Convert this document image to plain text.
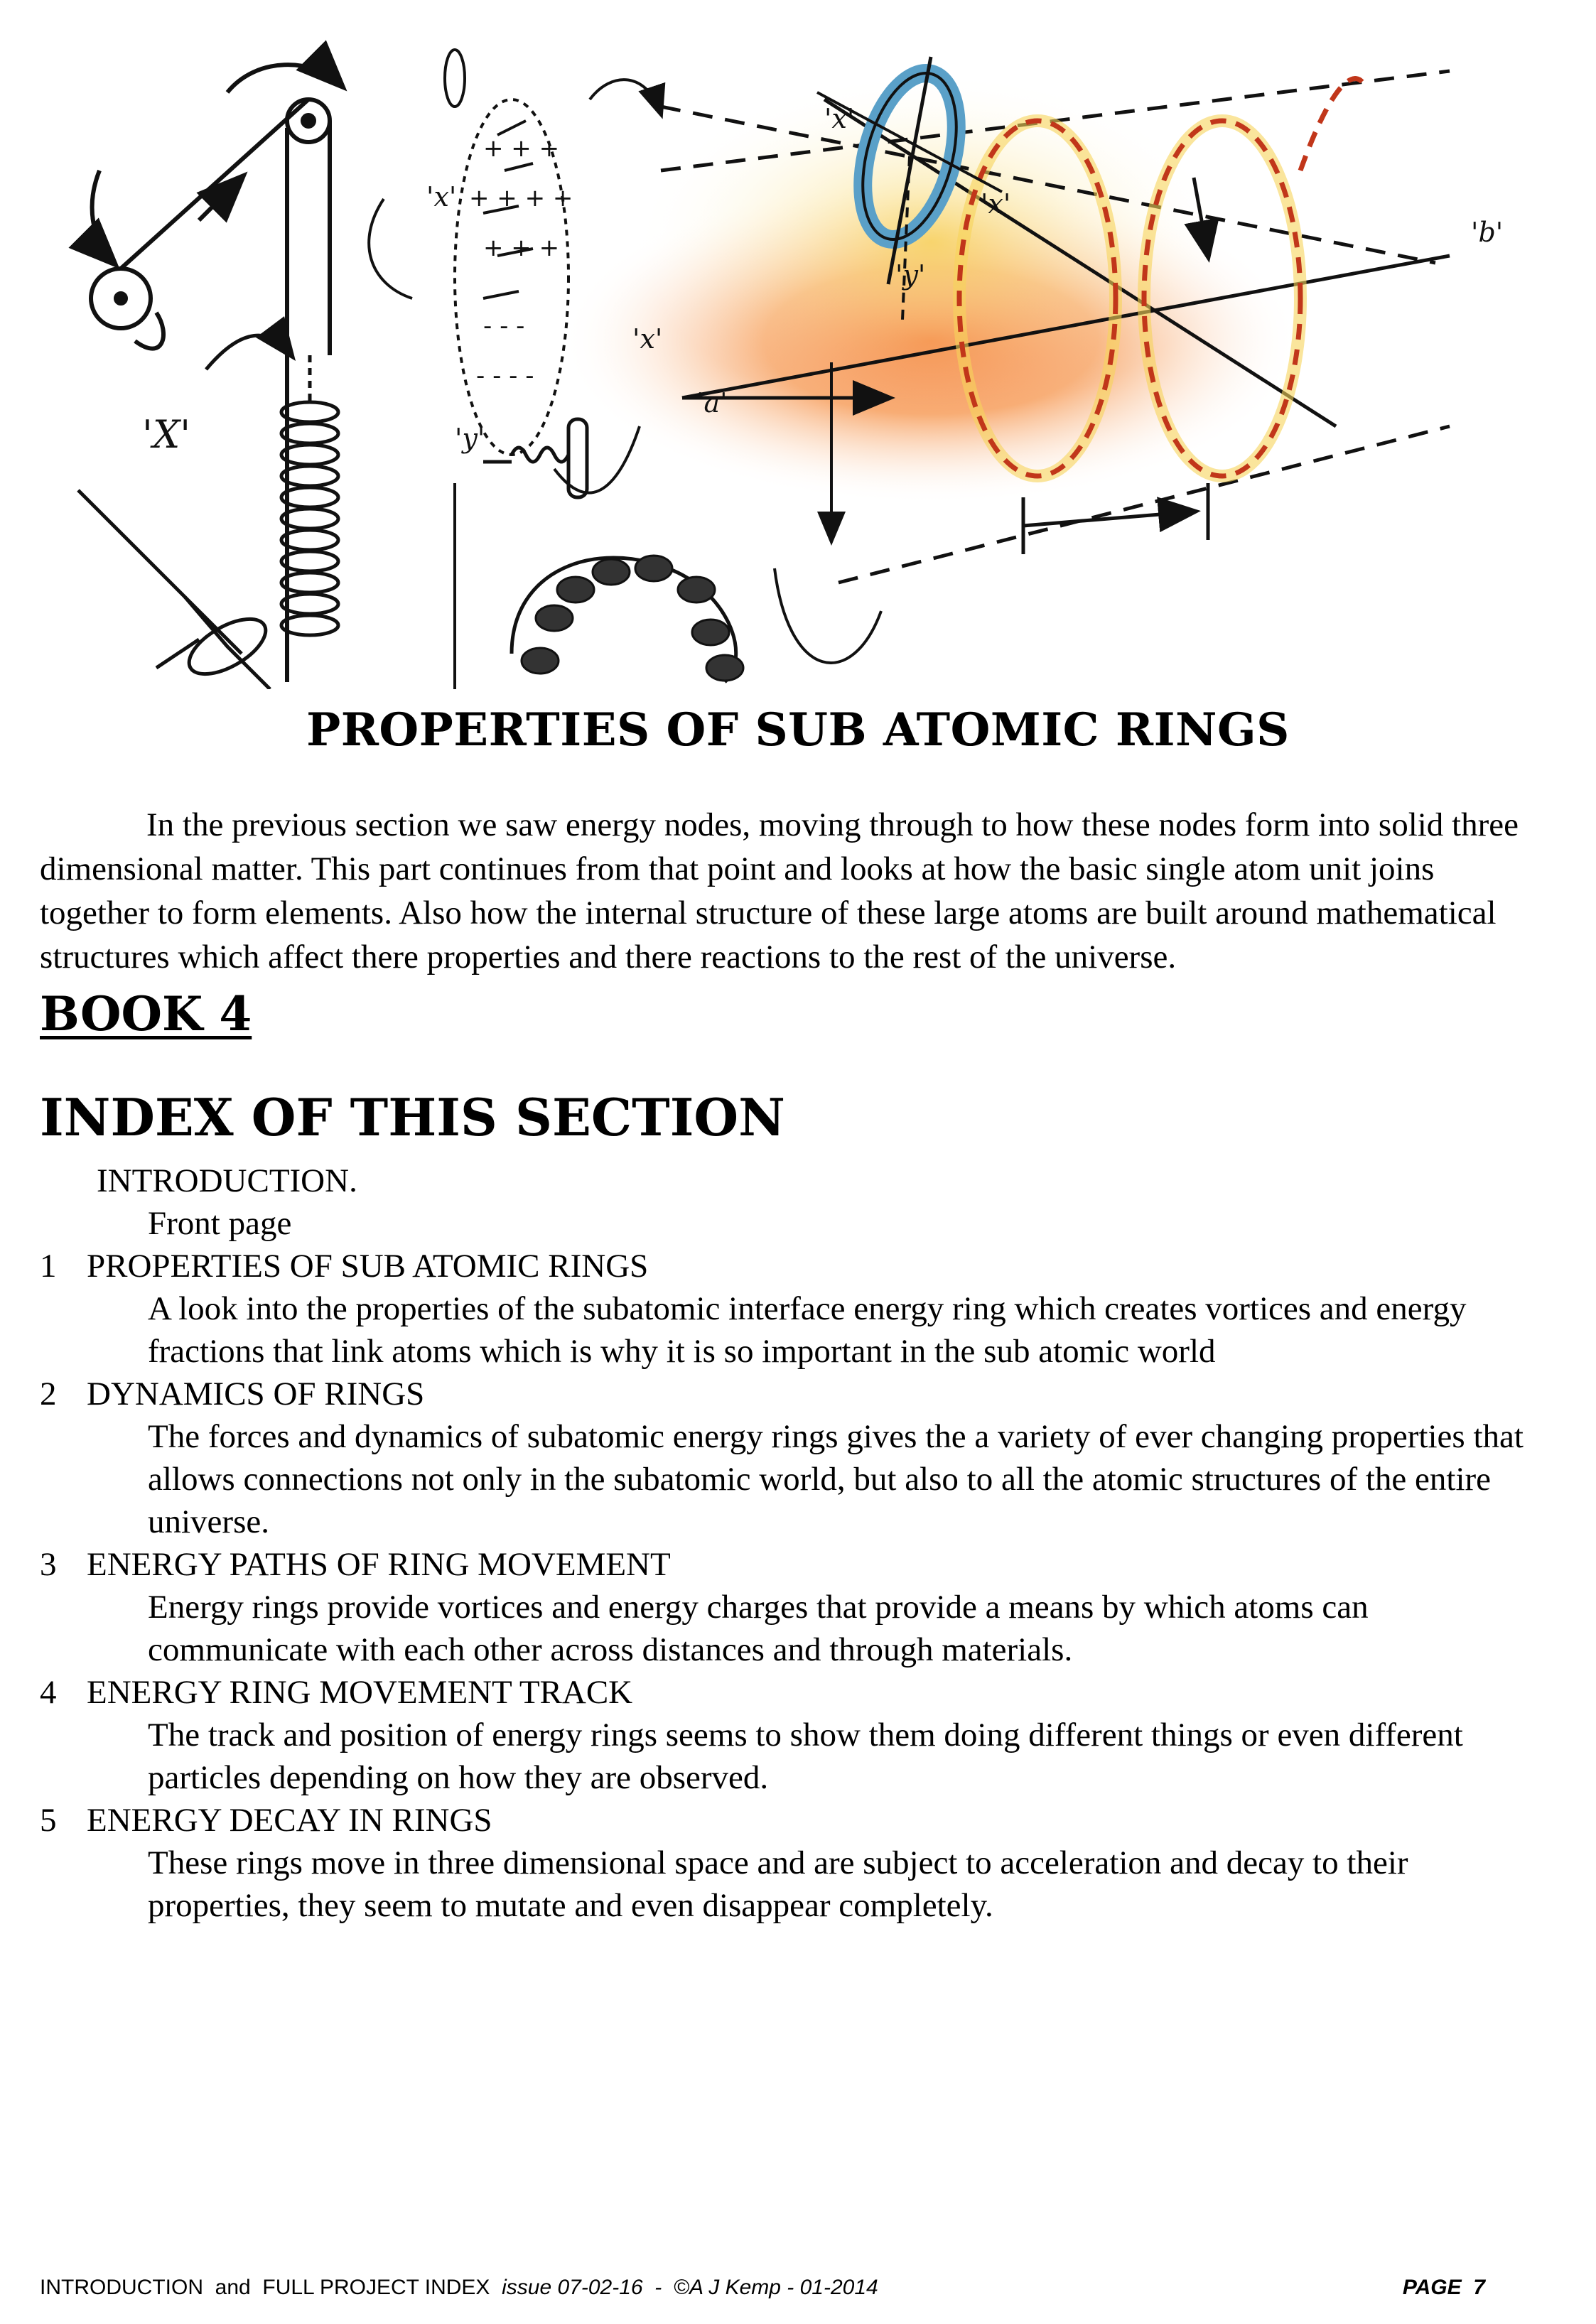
+ + +
+ + + +
+ + +
- - -
- - - -
'x'
'x'
'x'
'x'
'y'
'y'
'X'
'b'
'a'
PROPERTIES OF SUB ATOMIC RINGS

In the previous section we saw energy nodes, moving through to how these nodes form into solid three dimensional matter. This part continues from that point and looks at how the basic single atom unit joins together to form elements. Also how the internal structure of these large atoms are built around mathematical structures which affect there properties and there reactions to the rest of the universe.

BOOK 4
INDEX OF THIS SECTION
INTRODUCTION.
Front page
1 PROPERTIES OF SUB ATOMIC RINGS
A look into the properties of the subatomic interface energy ring which creates vortices and energy fractions that link atoms which is why it is so important in the sub atomic world
2 DYNAMICS OF RINGS
The forces and dynamics of subatomic energy rings gives the a variety of ever changing properties that allows connections not only in the subatomic world, but also to all the atomic structures of the entire universe.
3 ENERGY PATHS OF RING MOVEMENT
Energy rings provide vortices and energy charges that provide a means by which atoms can communicate with each other across distances and through materials.
4 ENERGY RING MOVEMENT TRACK
The track and position of energy rings seems to show them doing different things or even different particles depending on how they are observed.
5 ENERGY DECAY IN RINGS
These rings move in three dimensional space and are subject to acceleration and decay to their properties, they seem to mutate and even disappear completely.
INTRODUCTION  and  FULL PROJECT INDEX  issue 07-02-16  -  ©A J Kemp - 01-2014	PAGE  7
